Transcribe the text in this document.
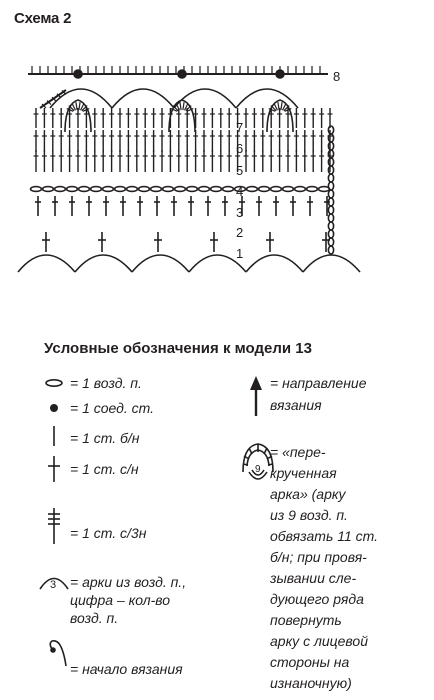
Схема 2
1
2
3
4
5
6
7
8
Условные обозначения к модели 13
3
9
= 1 возд. п.
= 1 соед. ст.
= 1 ст. б/н
= 1 ст. с/н
= 1 ст. с/3н
= арки из возд. п.,
цифра – кол-во
возд. п.
= начало вязания
= направление
вязания
= «пере-
крученная
арка» (арку
из 9 возд. п.
обвязать 11 ст.
б/н; при провя-
зывании сле-
дующего ряда
повернуть
арку с лицевой
стороны на
изнаночную)
